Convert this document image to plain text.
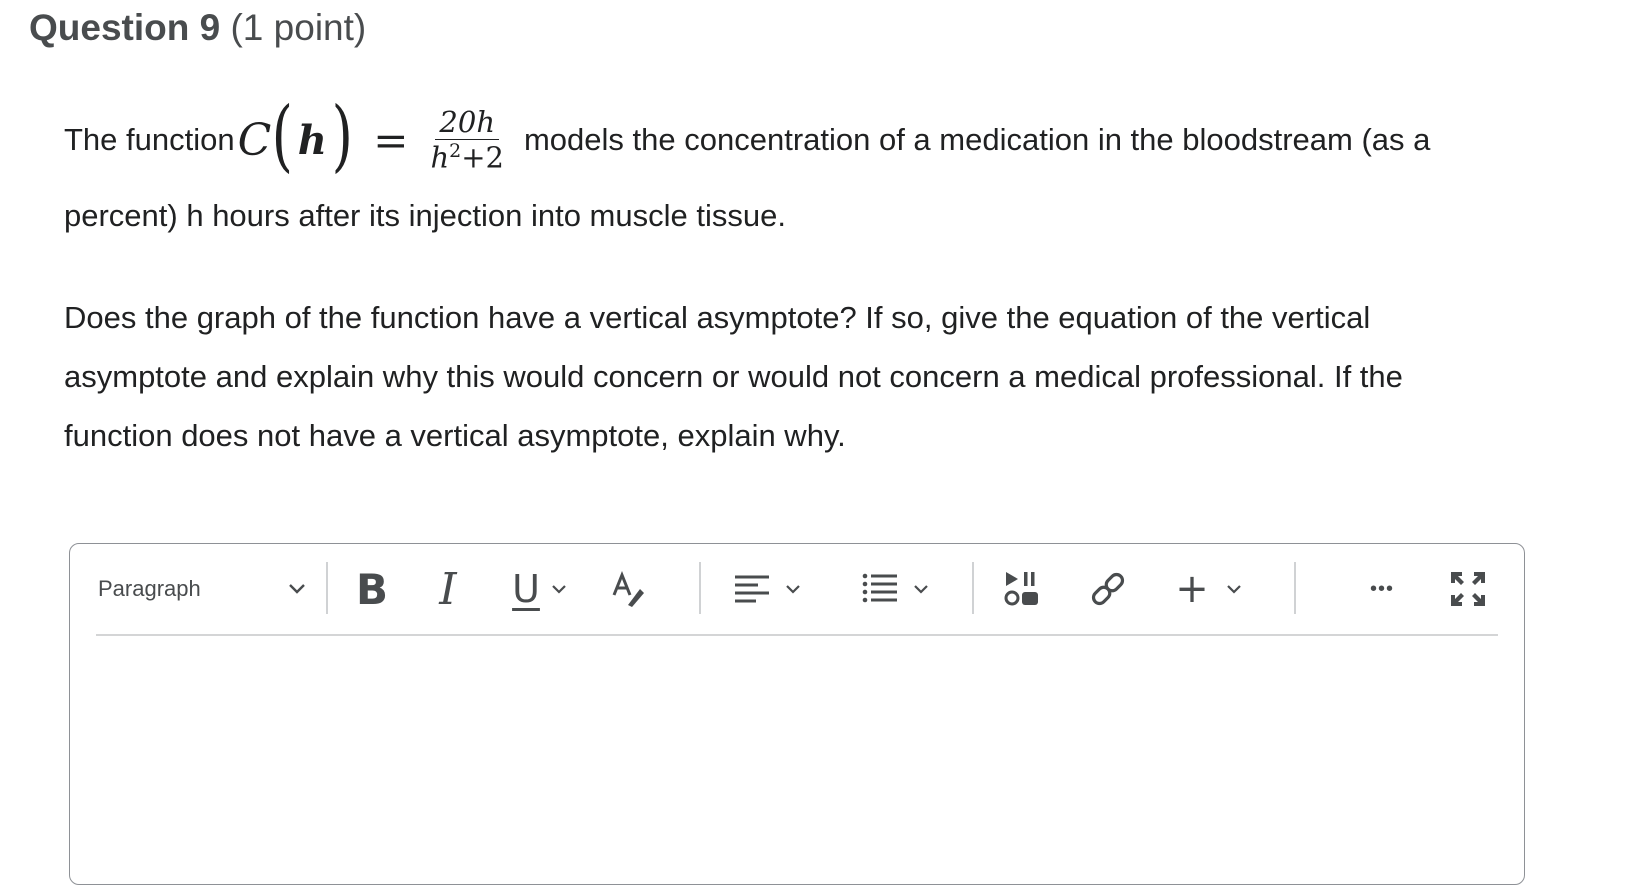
Question 9 (1 point)
The function C ( h ) = $\frac{20h}{h^2+2}$ models the concentration of a medication in the bloodstream (as a
percent) h hours after its injection into muscle tissue.
Does the graph of the function have a vertical asymptote? If so, give the equation of the vertical
asymptote and explain why this would concern or would not concern a medical professional. If the
function does not have a vertical asymptote, explain why.
Paragraph	B I U	+	•••
